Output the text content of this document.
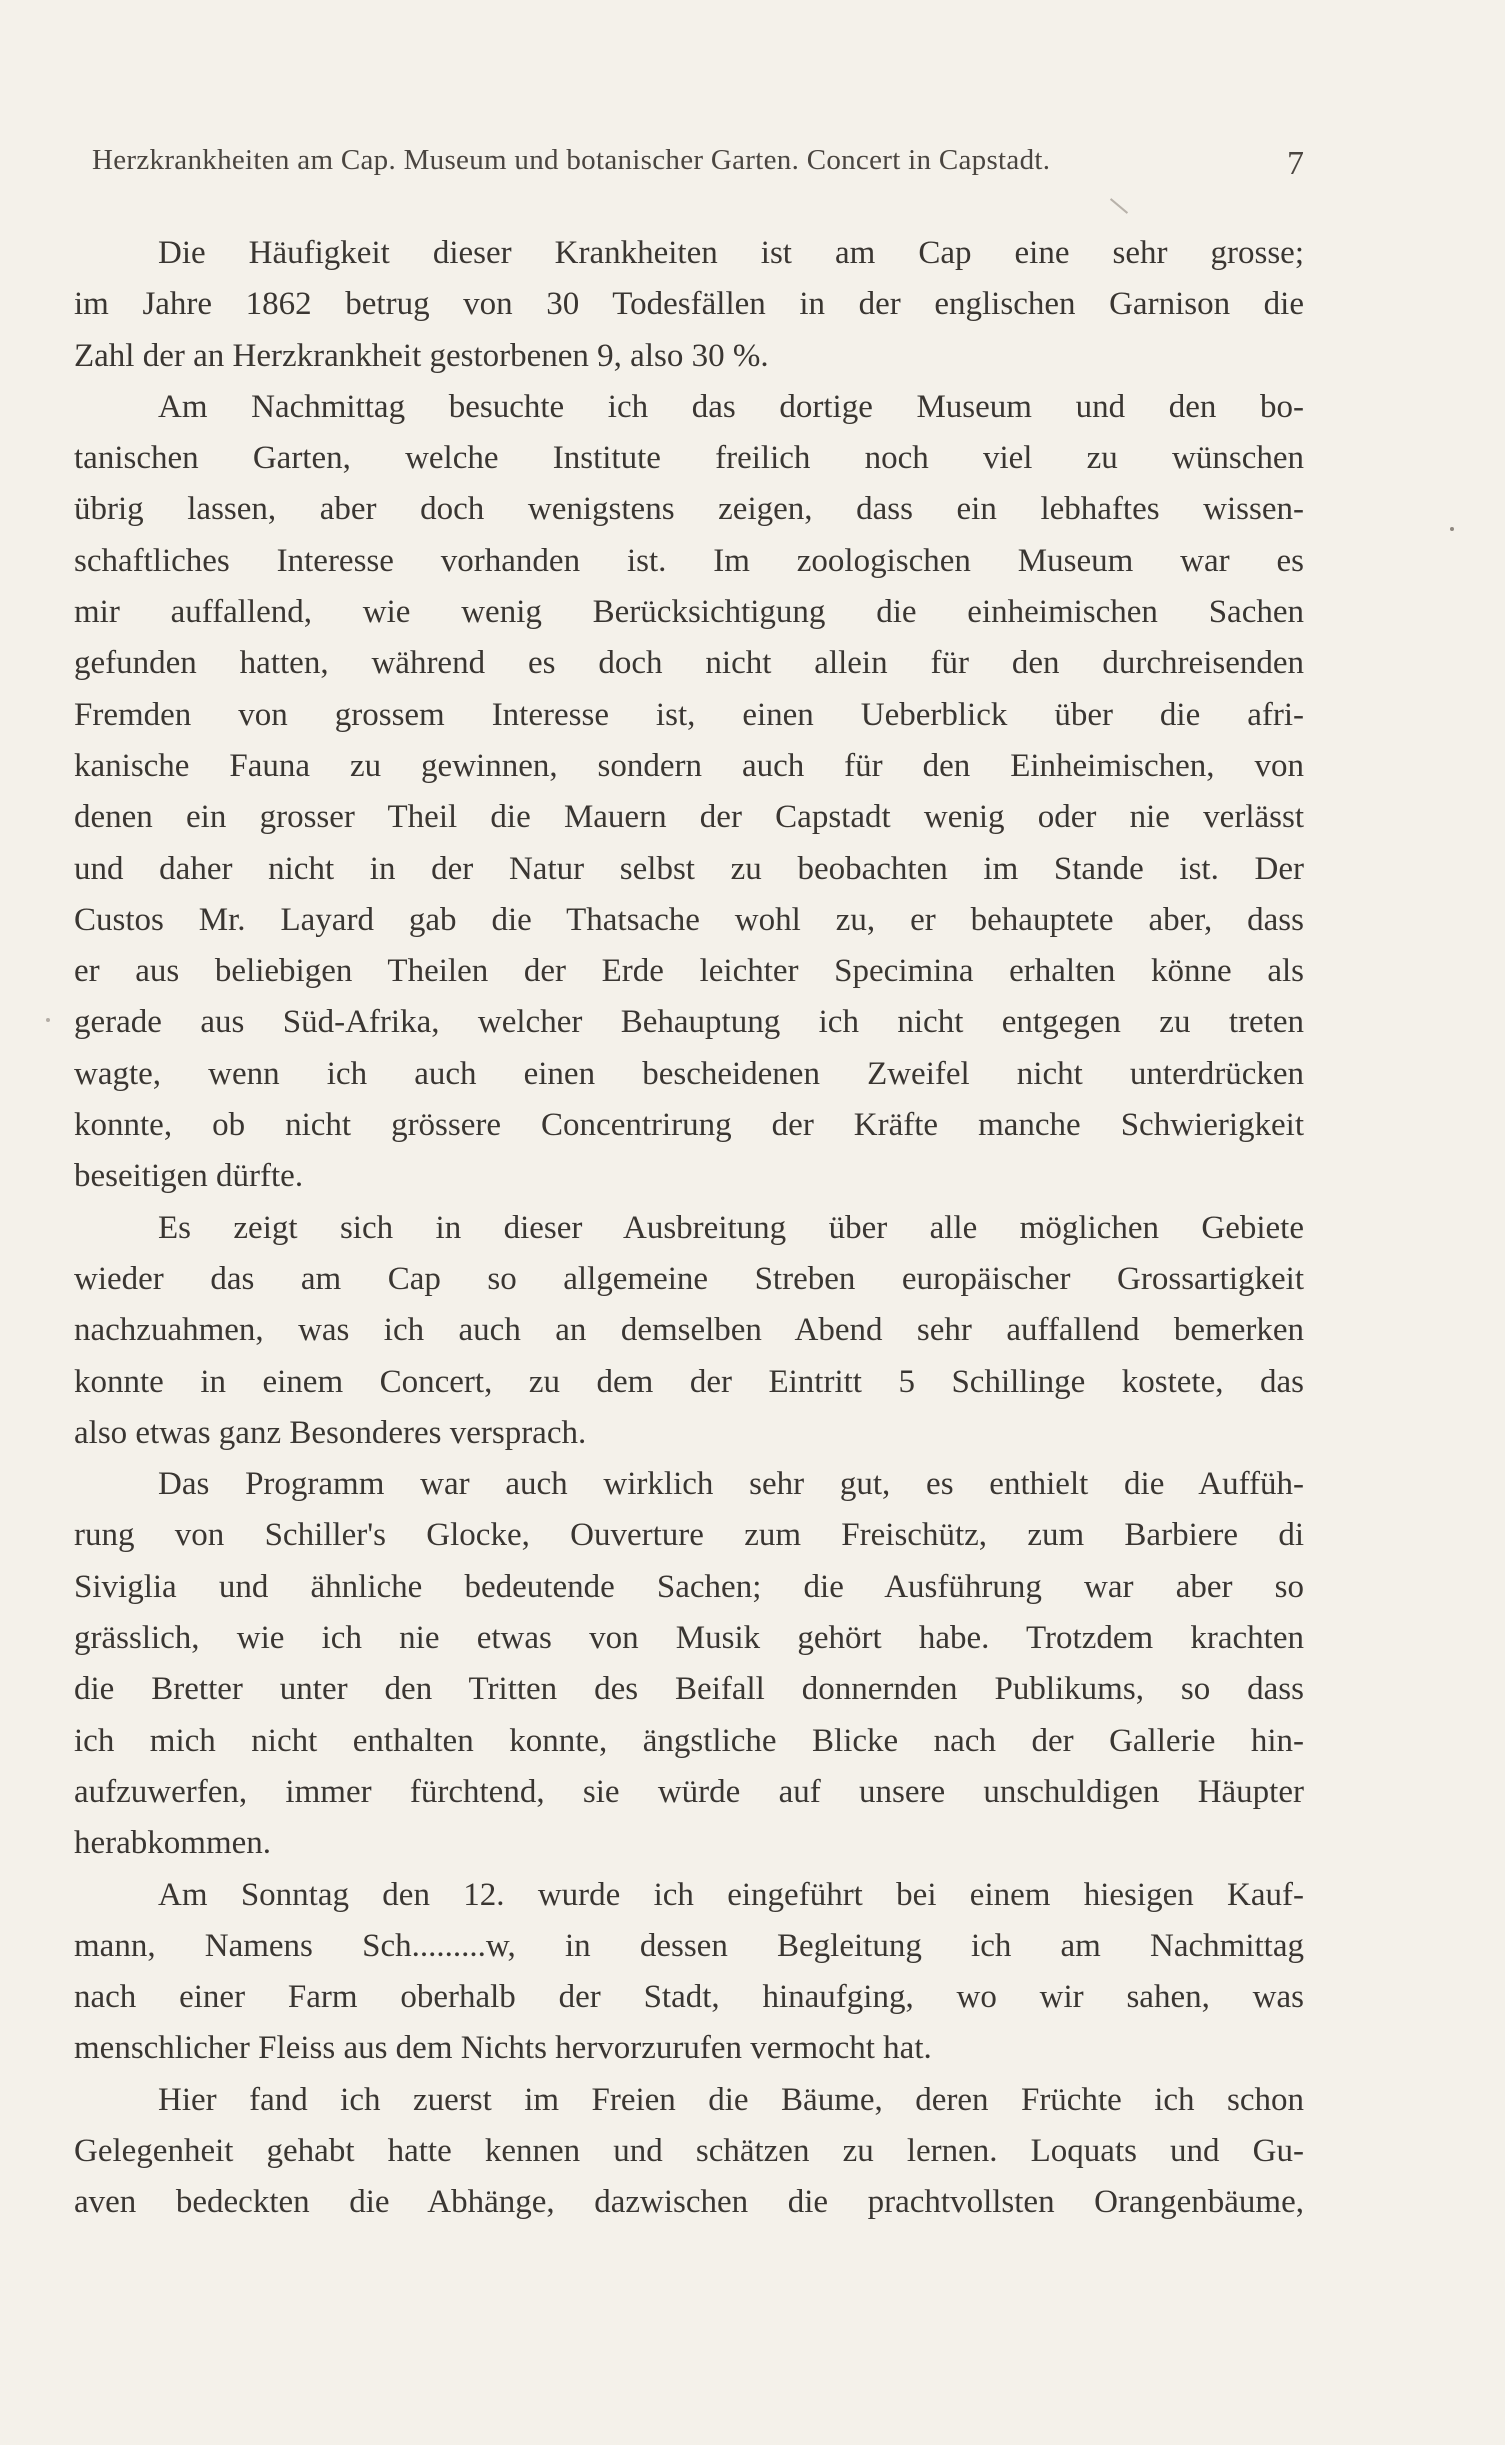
Herzkrankheiten am Cap. Museum und botanischer Garten. Concert in Capstadt.	7
Die Häufigkeit dieser Krankheiten ist am Cap eine sehr grosse;
im Jahre 1862 betrug von 30 Todesfällen in der englischen Garnison die
Zahl der an Herzkrankheit gestorbenen 9, also 30 %.
Am Nachmittag besuchte ich das dortige Museum und den bo-
tanischen Garten, welche Institute freilich noch viel zu wünschen
übrig lassen, aber doch wenigstens zeigen, dass ein lebhaftes wissen-
schaftliches Interesse vorhanden ist. Im zoologischen Museum war es
mir auffallend, wie wenig Berücksichtigung die einheimischen Sachen
gefunden hatten, während es doch nicht allein für den durchreisenden
Fremden von grossem Interesse ist, einen Ueberblick über die afri-
kanische Fauna zu gewinnen, sondern auch für den Einheimischen, von
denen ein grosser Theil die Mauern der Capstadt wenig oder nie verlässt
und daher nicht in der Natur selbst zu beobachten im Stande ist. Der
Custos Mr. Layard gab die Thatsache wohl zu, er behauptete aber, dass
er aus beliebigen Theilen der Erde leichter Specimina erhalten könne als
gerade aus Süd-Afrika, welcher Behauptung ich nicht entgegen zu treten
wagte, wenn ich auch einen bescheidenen Zweifel nicht unterdrücken
konnte, ob nicht grössere Concentrirung der Kräfte manche Schwierigkeit
beseitigen dürfte.
Es zeigt sich in dieser Ausbreitung über alle möglichen Gebiete
wieder das am Cap so allgemeine Streben europäischer Grossartigkeit
nachzuahmen, was ich auch an demselben Abend sehr auffallend bemerken
konnte in einem Concert, zu dem der Eintritt 5 Schillinge kostete, das
also etwas ganz Besonderes versprach.
Das Programm war auch wirklich sehr gut, es enthielt die Auffüh-
rung von Schiller's Glocke, Ouverture zum Freischütz, zum Barbiere di
Siviglia und ähnliche bedeutende Sachen; die Ausführung war aber so
grässlich, wie ich nie etwas von Musik gehört habe. Trotzdem krachten
die Bretter unter den Tritten des Beifall donnernden Publikums, so dass
ich mich nicht enthalten konnte, ängstliche Blicke nach der Gallerie hin-
aufzuwerfen, immer fürchtend, sie würde auf unsere unschuldigen Häupter
herabkommen.
Am Sonntag den 12. wurde ich eingeführt bei einem hiesigen Kauf-
mann, Namens Sch.........w, in dessen Begleitung ich am Nachmittag
nach einer Farm oberhalb der Stadt, hinaufging, wo wir sahen, was
menschlicher Fleiss aus dem Nichts hervorzurufen vermocht hat.
Hier fand ich zuerst im Freien die Bäume, deren Früchte ich schon
Gelegenheit gehabt hatte kennen und schätzen zu lernen. Loquats und Gu-
aven bedeckten die Abhänge, dazwischen die prachtvollsten Orangenbäume,
